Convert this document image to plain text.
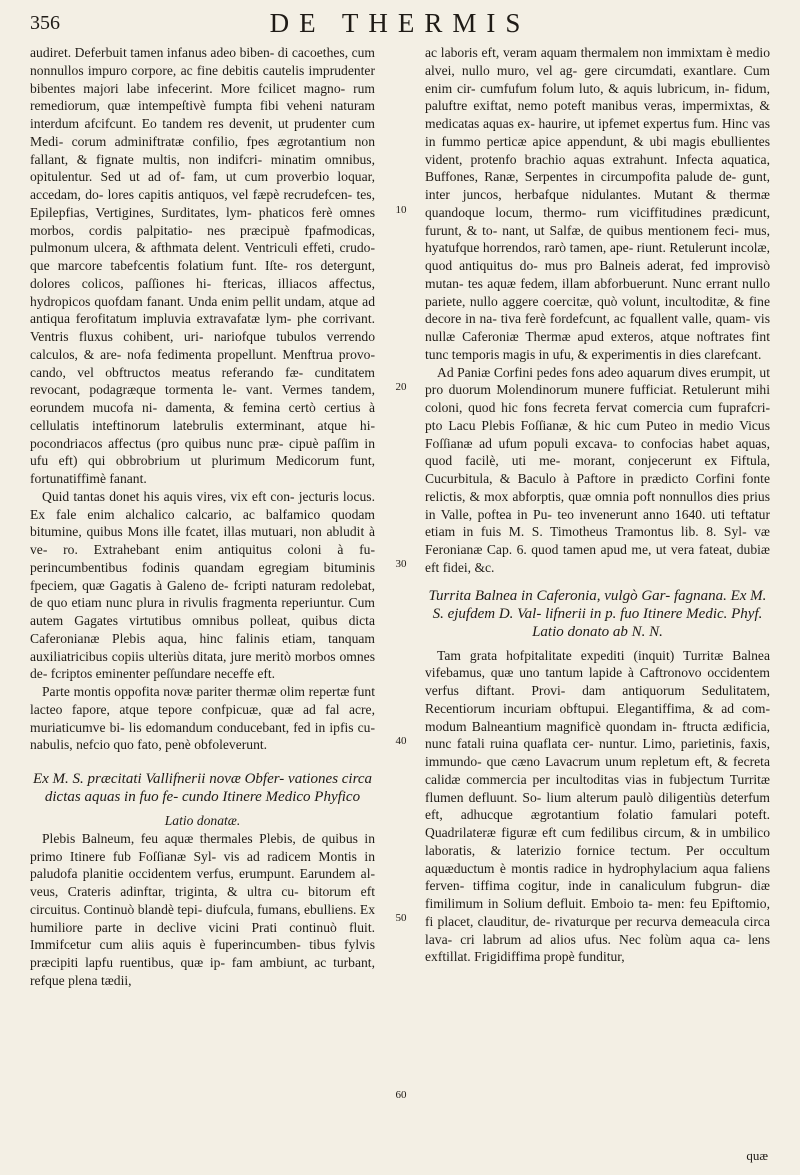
356	DE THERMIS

audiret. Deferbuit tamen infanus adeo biben- di cacoethes, cum nonnullos impuro corpore, ac fine debitis cautelis imprudenter bibentes majori labe infecerint. More fcilicet magno- rum remediorum, quæ intempeſtivè fumpta fibi veheni naturam interdum afcifcunt. Eo tandem res devenit, ut prudenter cum Medi- corum adminiftratæ confilio, fpes ægrotantium non fallant, & fignate multis, non indifcri- minatim omnibus, opitulentur. Sed ut ad of- fam, ut cum proverbio loquar, accedam, do- lores capitis antiquos, vel fæpè recrudefcen- tes, Epilepfias, Vertigines, Surditates, lym- phaticos ferè omnes morbos, cordis palpitatio- nes præcipuè fpafmodicas, pulmonum ulcera, & afthmata delent. Ventriculi effeti, crudo- que marcore tabefcentis folatium funt. Iſte- ros detergunt, dolores colicos, paſſiones hi- ftericas, illiacos affectus, hydropicos quofdam fanant. Unda enim pellit undam, atque ad antiqua ferofitatum impluvia extravafatæ lym- phe corrivant. Ventris fluxus cohibent, uri- nariofque tubulos verrendo calculos, & are- nofa fedimenta propellunt. Menftrua provo- cando, vel obftructos meatus referando fæ- cunditatem revocant, podagræque tormenta le- vant. Vermes tandem, eorundem mucofa ni- damenta, & femina certò certius à cellulatis inteftinorum latebrulis exterminant, atque hi- pocondriacos affectus (pro quibus nunc præ- cipuè paſſim in ufu eft) qui obbrobrium ut plurimum Medicorum funt, fortunatiffimè fanant.

Quid tantas donet his aquis vires, vix eft con- jecturis locus. Ex fale enim alchalico calcario, ac balfamico quodam bitumine, quibus Mons ille fcatet, illas mutuari, non abludit à ve- ro. Extrahebant enim antiquitus coloni à fu- perincumbentibus fodinis quandam egregiam bituminis fpeciem, quæ Gagatis à Galeno de- fcripti naturam redolebat, de quo etiam nunc plura in rivulis fragmenta reperiuntur. Cum autem Gagates virtutibus omnibus polleat, quibus dicta Caferonianæ Plebis aqua, hinc falinis etiam, tanquam auxiliatricibus copiis ulteriùs ditata, jure meritò morbos omnes de- fcriptos eminenter peſſundare neceffe eft.

Parte montis oppofita novæ pariter thermæ olim repertæ funt lacteo fapore, atque tepore confpicuæ, quæ ad fal acre, muriaticumve bi- lis edomandum conducebant, fed in ipfis cu- nabulis, nefcio quo fato, penè obfoleverunt.

Ex M. S. præcitati Vallifnerii novæ Obfer- vationes circa dictas aquas in fuo fe- cundo Itinere Medico Phyfico
Latio donatæ.

Plebis Balneum, feu aquæ thermales Plebis, de quibus in primo Itinere fub Foſſianæ Syl- vis ad radicem Montis in paludofa planitie occidentem verfus, erumpunt. Earundem al- veus, Crateris adinftar, triginta, & ultra cu- bitorum eft circuitus. Continuò blandè tepi- diufcula, fumans, ebulliens. Ex humiliore parte in declive vicini Prati continuò fluit. Immifcetur cum aliis aquis è fuperincumben- tibus fylvis præcipiti lapfu ruentibus, quæ ip- fam ambiunt, ac turbant, refque plena tædii,

ac laboris eft, veram aquam thermalem non immixtam è medio alvei, nullo muro, vel ag- gere circumdati, exantlare. Cum enim cir- cumfufum folum luto, & aquis lubricum, in- fidum, paluftre exiftat, nemo poteft manibus veras, impermixtas, & medicatas aquas ex- haurire, ut ipfemet expertus fum. Hinc vas in fummo perticæ apice appendunt, & ubi magis ebullientes vident, protenfo brachio aquas extrahunt. Infecta aquatica, Buffones, Ranæ, Serpentes in circumpofita palude de- gunt, inter juncos, herbafque nidulantes. Mutant & thermæ quandoque locum, thermo- rum viciffitudines prædicunt, furunt, & to- nant, ut Salfæ, de quibus mentionem feci- mus, hyatufque horrendos, rarò tamen, ape- riunt. Retulerunt incolæ, quod antiquitus do- mus pro Balneis aderat, fed improvisò mutan- tes aquæ fedem, illam abforbuerunt. Nunc errant nullo pariete, nullo aggere coercitæ, quò volunt, incultoditæ, & fine decore in na- tiva ferè fordefcunt, ac fquallent valle, quam- vis nullæ Caferoniæ Thermæ apud exteros, atque noftrates fint tunc temporis magis in ufu, & experimentis in dies clarefcant.

Ad Paniæ Corfini pedes fons adeo aquarum dives erumpit, ut pro duorum Molendinorum munere fufficiat. Retulerunt mihi coloni, quod hic fons fecreta fervat comercia cum fuprafcri- pto Lacu Plebis Foſſianæ, & hic cum Puteo in medio Vicus Foſſianæ ad ufum populi excava- to confocias habet aquas, quod facilè, uti me- morant, conjecerunt ex Fiftula, Cucurbitula, & Baculo à Paftore in prædicto Corfini fonte relictis, & mox abforptis, quæ omnia poft nonnullos dies prius in Valle, poftea in Pu- teo invenerunt anno 1640. uti teftatur etiam in fuis M. S. Timotheus Tramontus lib. 8. Syl- væ Feronianæ Cap. 6. quod tamen apud me, ut vera fateat, dubiæ eft fidei, &c.

Turrita Balnea in Caferonia, vulgò Gar- fagnana. Ex M. S. ejufdem D. Val- lifnerii in p. fuo Itinere Medic. Phyf. Latio donato ab N. N.

Tam grata hofpitalitate expediti (inquit) Turritæ Balnea vifebamus, quæ uno tantum lapide à Caftronovo occidentem verfus diftant. Provi- dam antiquorum Sedulitatem, Recentiorum incuriam obftupui. Elegantiffima, & ad com- modum Balneantium magnificè quondam in- ftructa ædificia, nunc fatali ruina quaflata cer- nuntur. Limo, parietinis, faxis, immundo- que cæno Lavacrum unum repletum eft, & fecreta calidæ commercia per incultoditas vias in fubjectum Turritæ flumen defluunt. So- lium alterum paulò diligentiùs deterfum eft, adhucque ægrotantium folatio famulari poteft. Quadrilateræ figuræ eft cum fedilibus circum, & in umbilico laboratis, & laterizio fornice tectum. Per occultum aquæductum è montis radice in hydrophylacium aqua faliens ferven- tiffima cogitur, inde in canaliculum fubgrun- diæ fimilimum in Solium defluit. Emboio ta- men: feu Epiftomio, fi placet, clauditur, de- rivaturque per recurva demeacula circa lava- cri labrum ad alios ufus. Nec folùm aqua ca- lens exftillat. Frigidiffima propè funditur,

10
20
30
40
50
60
quæ
